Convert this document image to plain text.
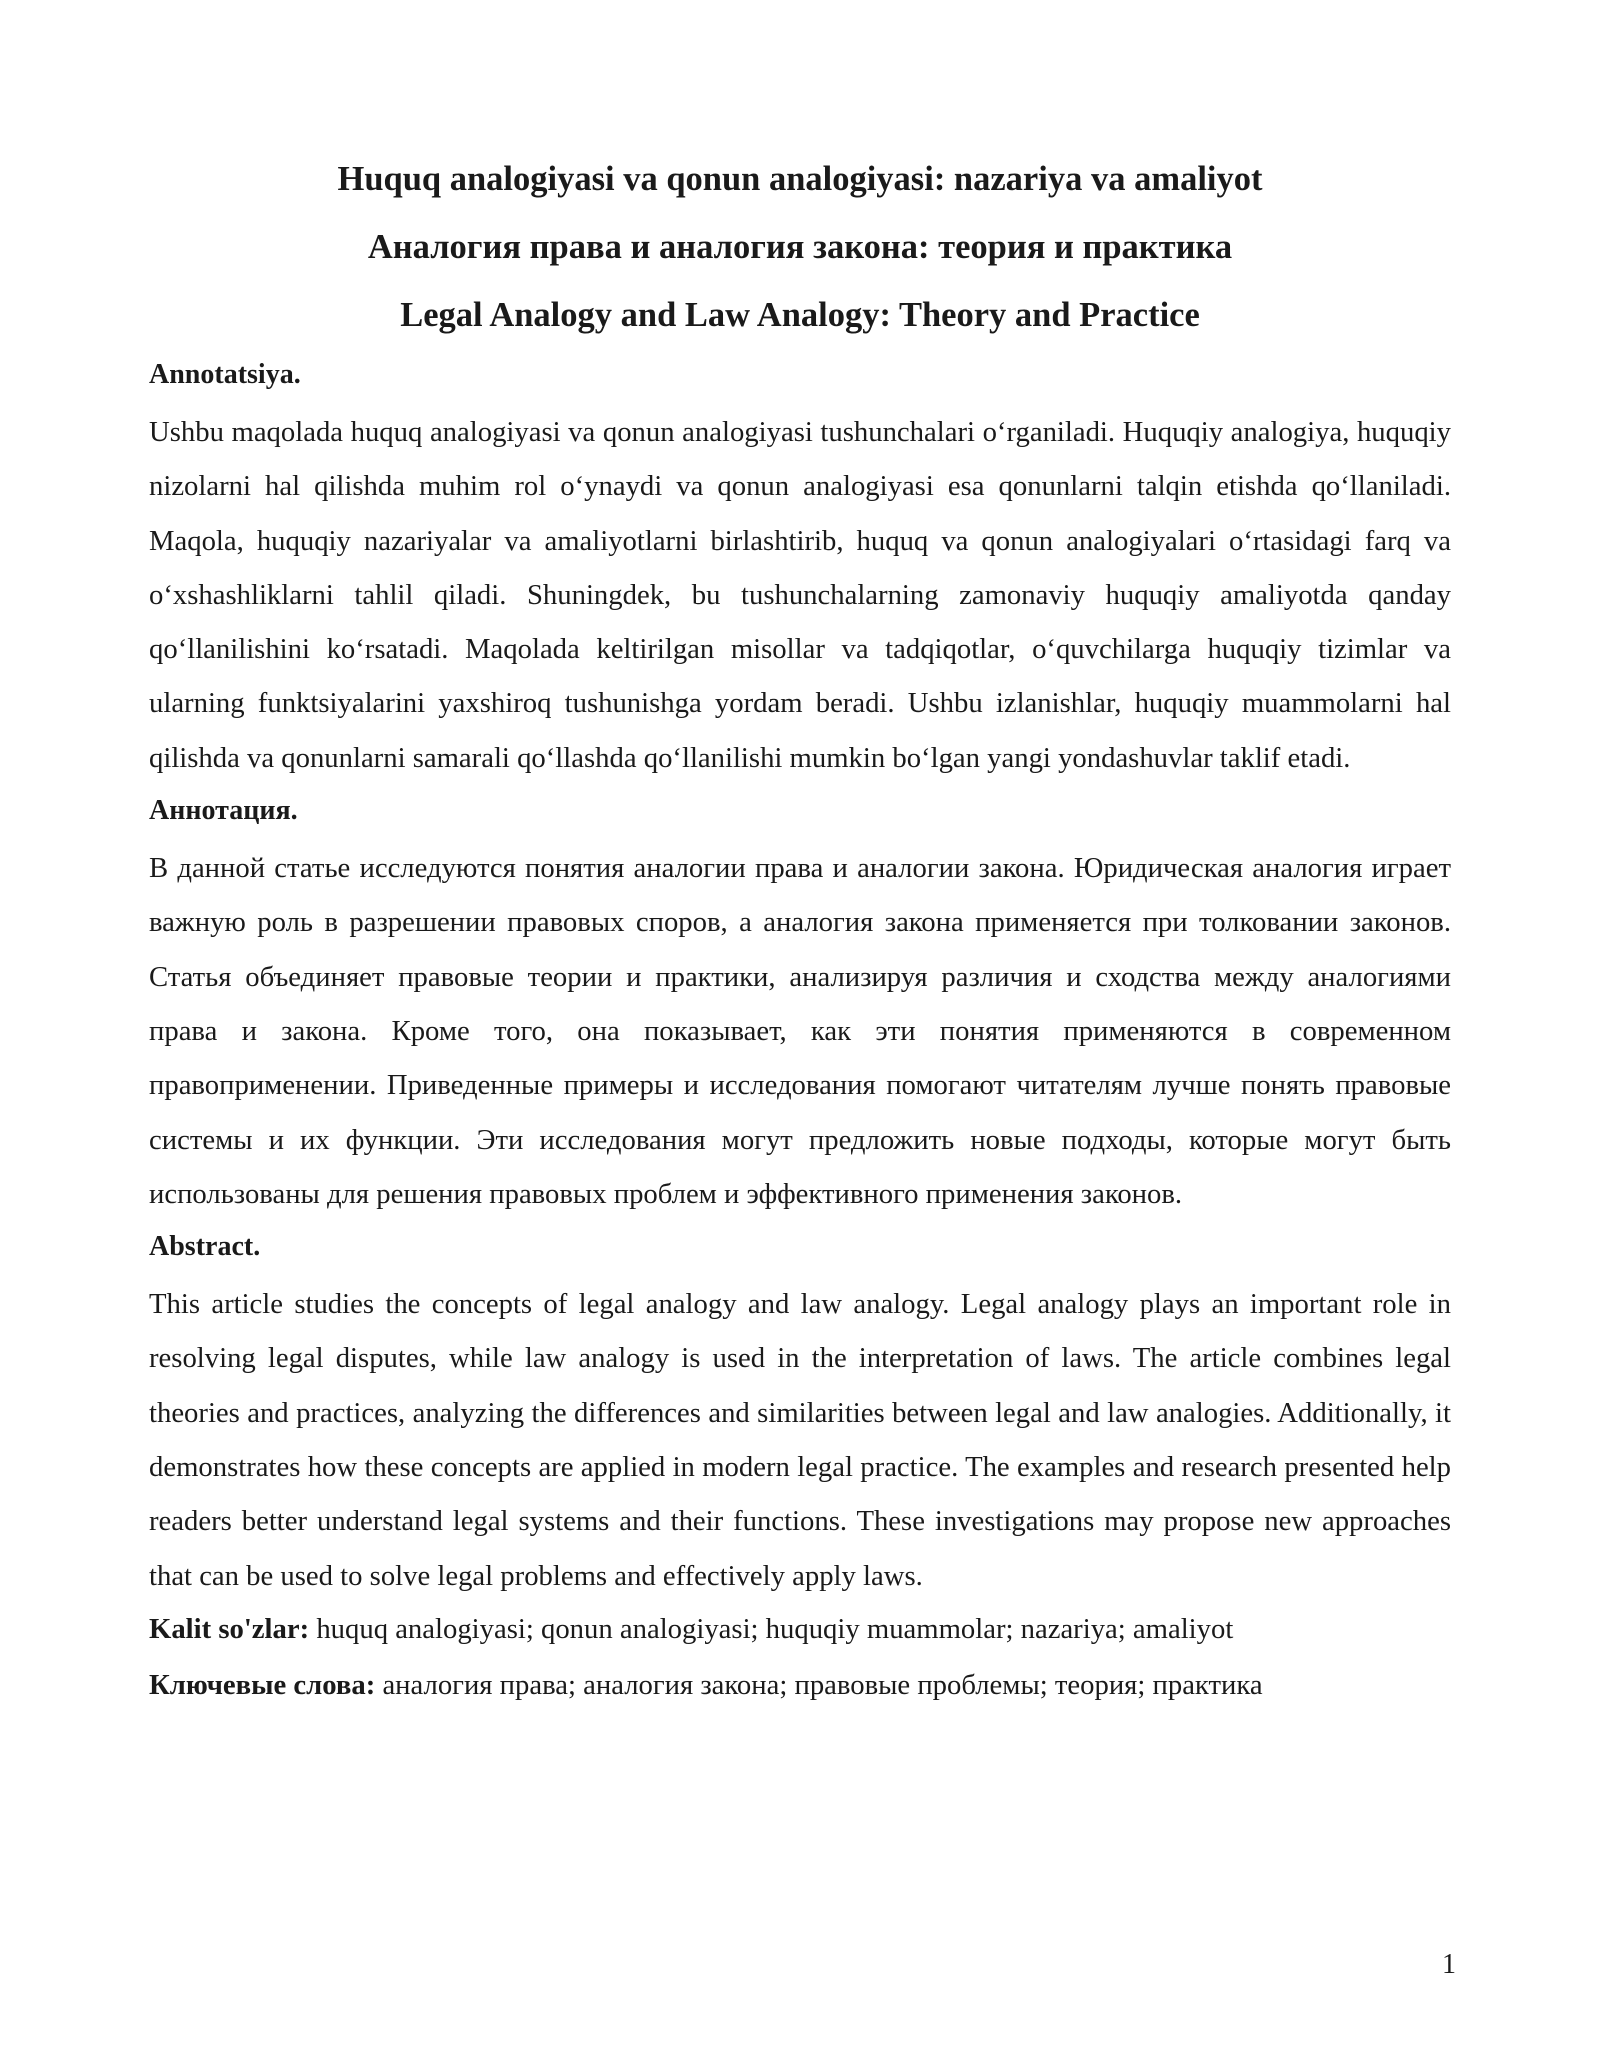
Huquq analogiyasi va qonun analogiyasi: nazariya va amaliyot
Аналогия права и аналогия закона: теория и практика
Legal Analogy and Law Analogy: Theory and Practice
Annotatsiya.

Ushbu maqolada huquq analogiyasi va qonun analogiyasi tushunchalari oʻrganiladi. Huquqiy analogiya, huquqiy nizolarni hal qilishda muhim rol oʻynaydi va qonun analogiyasi esa qonunlarni talqin etishda qoʻllaniladi. Maqola, huquqiy nazariyalar va amaliyotlarni birlashtirib, huquq va qonun analogiyalari oʻrtasidagi farq va oʻxshashliklarni tahlil qiladi. Shuningdek, bu tushunchalarning zamonaviy huquqiy amaliyotda qanday qoʻllanilishini koʻrsatadi. Maqolada keltirilgan misollar va tadqiqotlar, oʻquvchilarga huquqiy tizimlar va ularning funktsiyalarini yaxshiroq tushunishga yordam beradi. Ushbu izlanishlar, huquqiy muammolarni hal qilishda va qonunlarni samarali qoʻllashda qoʻllanilishi mumkin boʻlgan yangi yondashuvlar taklif etadi.

Аннотация.

В данной статье исследуются понятия аналогии права и аналогии закона. Юридическая аналогия играет важную роль в разрешении правовых споров, а аналогия закона применяется при толковании законов. Статья объединяет правовые теории и практики, анализируя различия и сходства между аналогиями права и закона. Кроме того, она показывает, как эти понятия применяются в современном правоприменении. Приведенные примеры и исследования помогают читателям лучше понять правовые системы и их функции. Эти исследования могут предложить новые подходы, которые могут быть использованы для решения правовых проблем и эффективного применения законов.

Abstract.

This article studies the concepts of legal analogy and law analogy. Legal analogy plays an important role in resolving legal disputes, while law analogy is used in the interpretation of laws. The article combines legal theories and practices, analyzing the differences and similarities between legal and law analogies. Additionally, it demonstrates how these concepts are applied in modern legal practice. The examples and research presented help readers better understand legal systems and their functions. These investigations may propose new approaches that can be used to solve legal problems and effectively apply laws.

Kalit so'zlar: huquq analogiyasi; qonun analogiyasi; huquqiy muammolar; nazariya; amaliyot

Ключевые слова: аналогия права; аналогия закона; правовые проблемы; теория; практика

1
